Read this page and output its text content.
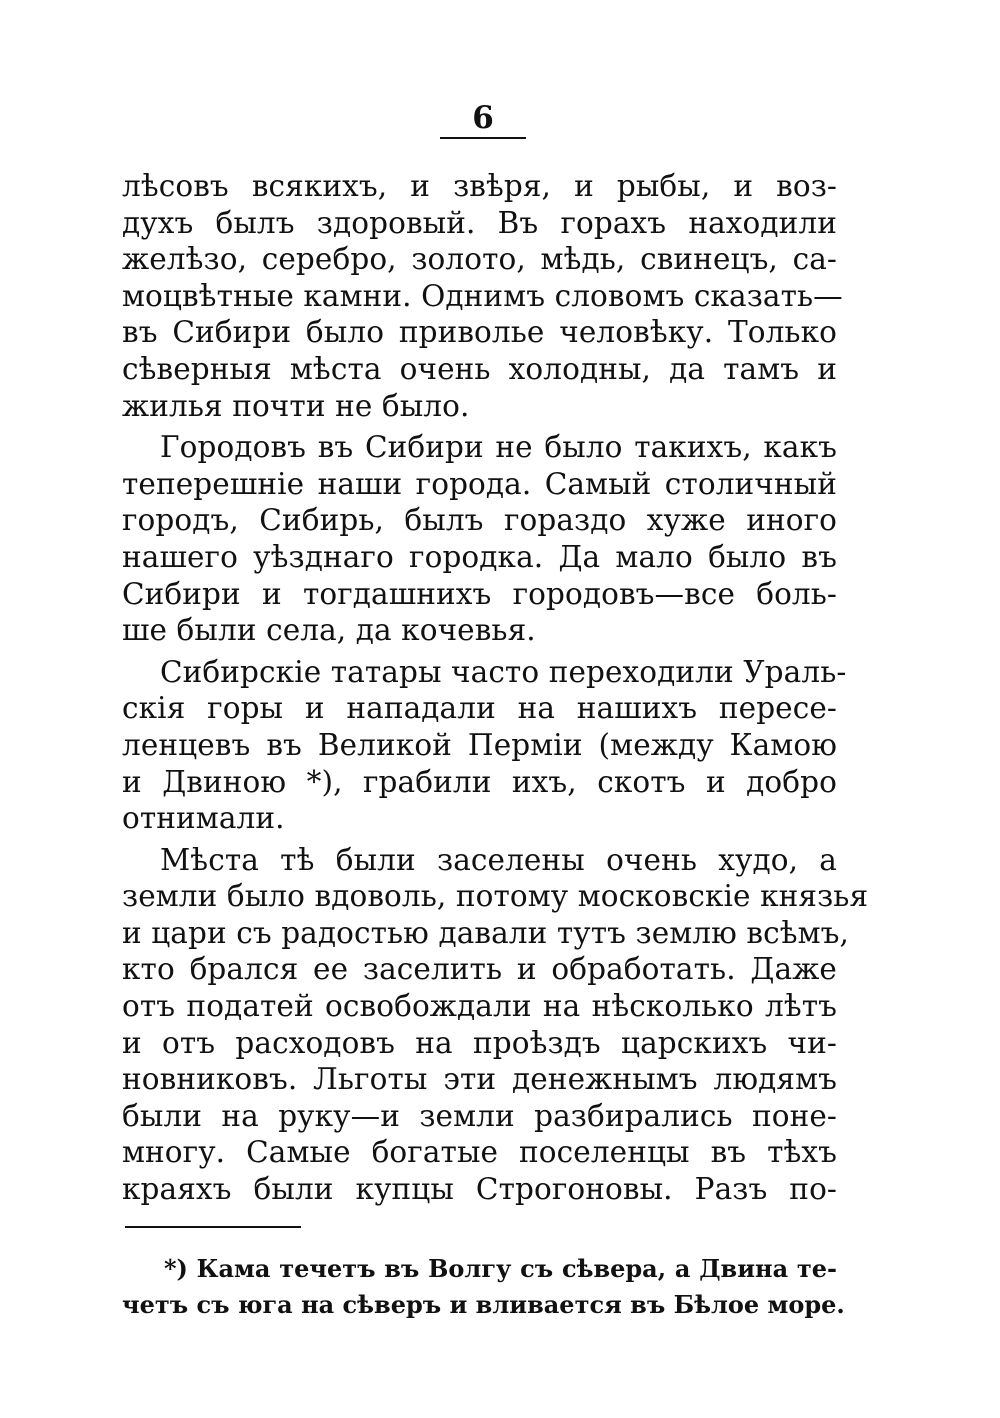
6
лѣсовъ всякихъ, и звѣря, и рыбы, и воз-
духъ былъ здоровый. Въ горахъ находили
желѣзо, серебро, золото, мѣдь, свинецъ, са-
моцвѣтные камни. Однимъ словомъ сказать—
въ Сибири было приволье человѣку. Только
сѣверныя мѣста очень холодны, да тамъ и
жилья почти не было.
Городовъ въ Сибири не было такихъ, какъ
теперешніе наши города. Самый столичный
городъ, Сибирь, былъ гораздо хуже иного
нашего уѣзднаго городка. Да мало было въ
Сибири и тогдашнихъ городовъ—все боль-
ше были села, да кочевья.
Сибирскіе татары часто переходили Ураль-
скія горы и нападали на нашихъ пересе-
ленцевъ въ Великой Перміи (между Камою
и Двиною *), грабили ихъ, скотъ и добро
отнимали.
Мѣста тѣ были заселены очень худо, а
земли было вдоволь, потому московскіе князья
и цари съ радостью давали тутъ землю всѣмъ,
кто брался ее заселить и обработать. Даже
отъ податей освобождали на нѣсколько лѣтъ
и отъ расходовъ на проѣздъ царскихъ чи-
новниковъ. Льготы эти денежнымъ людямъ
были на руку—и земли разбирались поне-
многу. Самые богатые поселенцы въ тѣхъ
краяхъ были купцы Строгоновы. Разъ по-
*) Кама течетъ въ Волгу съ сѣвера, а Двина те-
четъ съ юга на сѣверъ и вливается въ Бѣлое море.
